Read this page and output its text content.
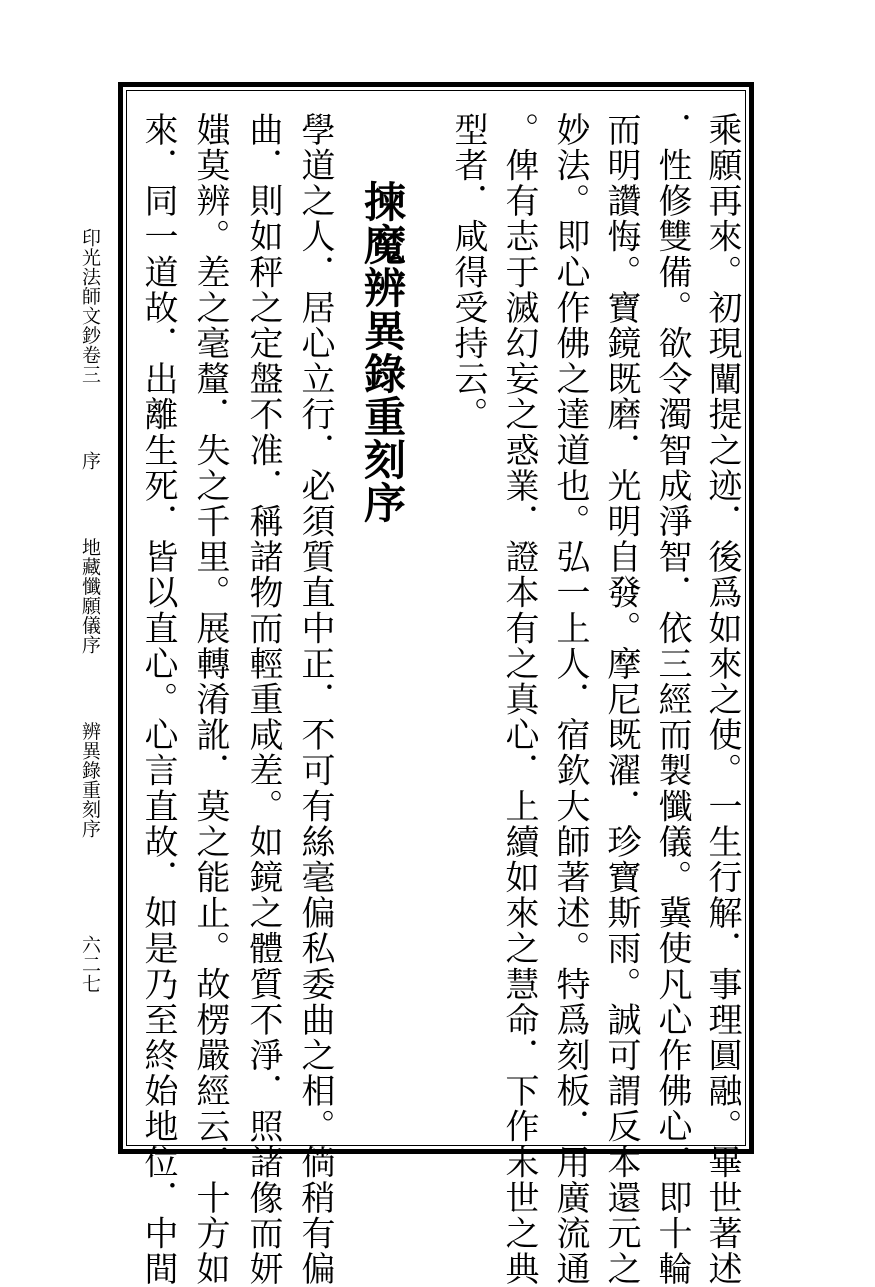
乘願再來。初現闡提之迹．後爲如來之使。一生行解．事理圓融。畢世著述
．性修雙備。欲令濁智成淨智．依三經而製懺儀。冀使凡心作佛心．即十輪
而明讚悔。寶鏡既磨．光明自發。摩尼既濯．珍寶斯雨。誠可謂反本還元之
妙法。即心作佛之達道也。弘一上人．宿欽大師著述。特爲刻板．用廣流通
。俾有志于滅幻妄之惑業．證本有之真心．上續如來之慧命．下作末世之典
型者．咸得受持云。
揀魔辨異錄重刻序
學道之人．居心立行．必須質直中正．不可有絲毫偏私委曲之相。倘稍有偏
曲．則如秤之定盤不准．稱諸物而輕重咸差。如鏡之體質不淨．照諸像而妍
媸莫辨。差之毫釐．失之千里。展轉淆訛．莫之能止。故楞嚴經云．十方如
來．同一道故．出離生死．皆以直心。心言直故．如是乃至終始地位．中間
印光法師文鈔卷三  序  地藏懺願儀序  辨異錄重刻序
六二七
